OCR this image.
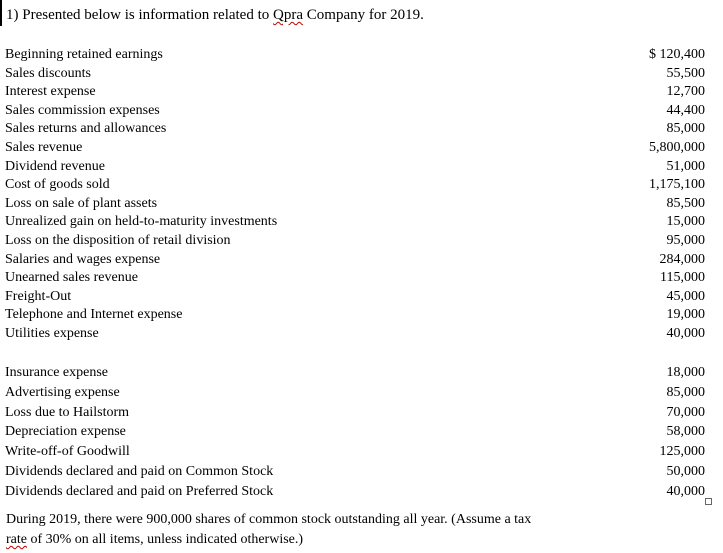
1) Presented below is information related to Qpra Company for 2019.
Beginning retained earnings	$ 120,400
Sales discounts	55,500
Interest expense	12,700
Sales commission expenses	44,400
Sales returns and allowances	85,000
Sales revenue	5,800,000
Dividend revenue	51,000
Cost of goods sold	1,175,100
Loss on sale of plant assets	85,500
Unrealized gain on held-to-maturity investments	15,000
Loss on the disposition of retail division	95,000
Salaries and wages expense	284,000
Unearned sales revenue	115,000
Freight-Out	45,000
Telephone and Internet expense	19,000
Utilities expense	40,000
Insurance expense	18,000
Advertising expense	85,000
Loss due to Hailstorm	70,000
Depreciation expense	58,000
Write-off-of Goodwill	125,000
Dividends declared and paid on Common Stock	50,000
Dividends declared and paid on Preferred Stock	40,000
During 2019, there were 900,000 shares of common stock outstanding all year. (Assume a tax
rate of 30% on all items, unless indicated otherwise.)
